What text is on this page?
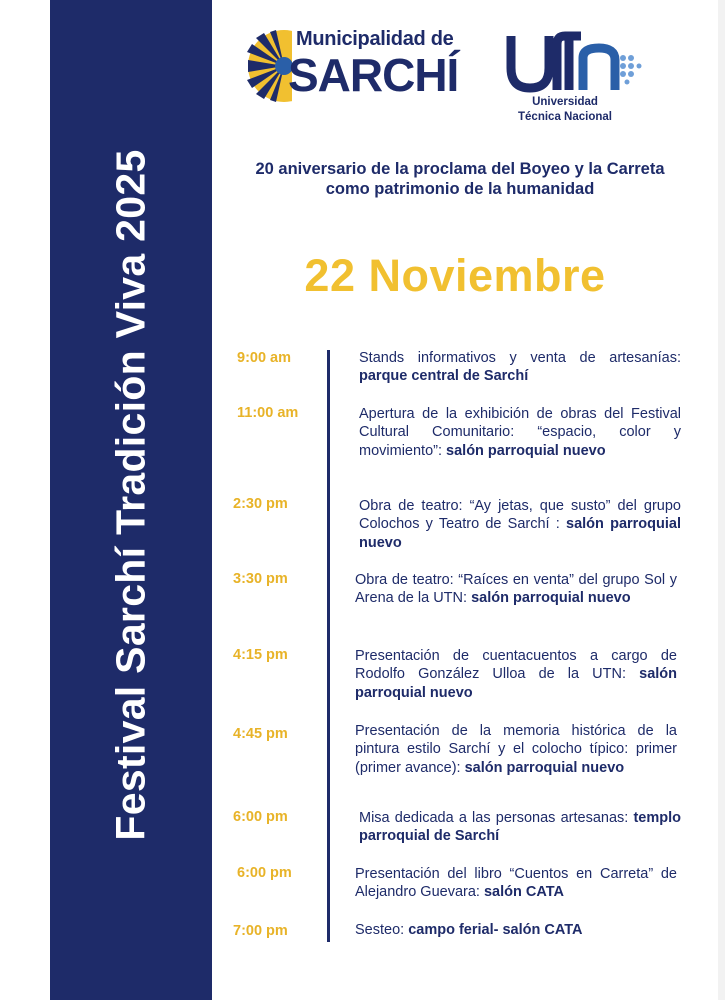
Festival Sarchí Tradición Viva 2025
Municipalidad de
SARCHÍ
UTN
Universidad
Técnica Nacional
20 aniversario de la proclama del Boyeo y la Carreta como patrimonio de la humanidad
22 Noviembre
9:00 am	Stands informativos y venta de artesanías: parque central de Sarchí
11:00 am	Apertura de la exhibición de obras del Festival Cultural Comunitario: “espacio, color y movimiento”: salón parroquial nuevo
2:30 pm	Obra de teatro: “Ay jetas, que susto” del grupo Colochos y Teatro de Sarchí : salón parroquial nuevo
3:30 pm	Obra de teatro: “Raíces en venta” del grupo Sol y Arena de la UTN: salón parroquial nuevo
4:15 pm	Presentación de cuentacuentos a cargo de Rodolfo González Ulloa de la UTN: salón parroquial nuevo
4:45 pm	Presentación de la memoria histórica de la pintura estilo Sarchí y el colocho típico: primer (primer avance): salón parroquial nuevo
6:00 pm	Misa dedicada a las personas artesanas: templo parroquial de Sarchí
6:00 pm	Presentación del libro “Cuentos en Carreta” de Alejandro Guevara: salón CATA
7:00 pm	Sesteo: campo ferial- salón CATA
